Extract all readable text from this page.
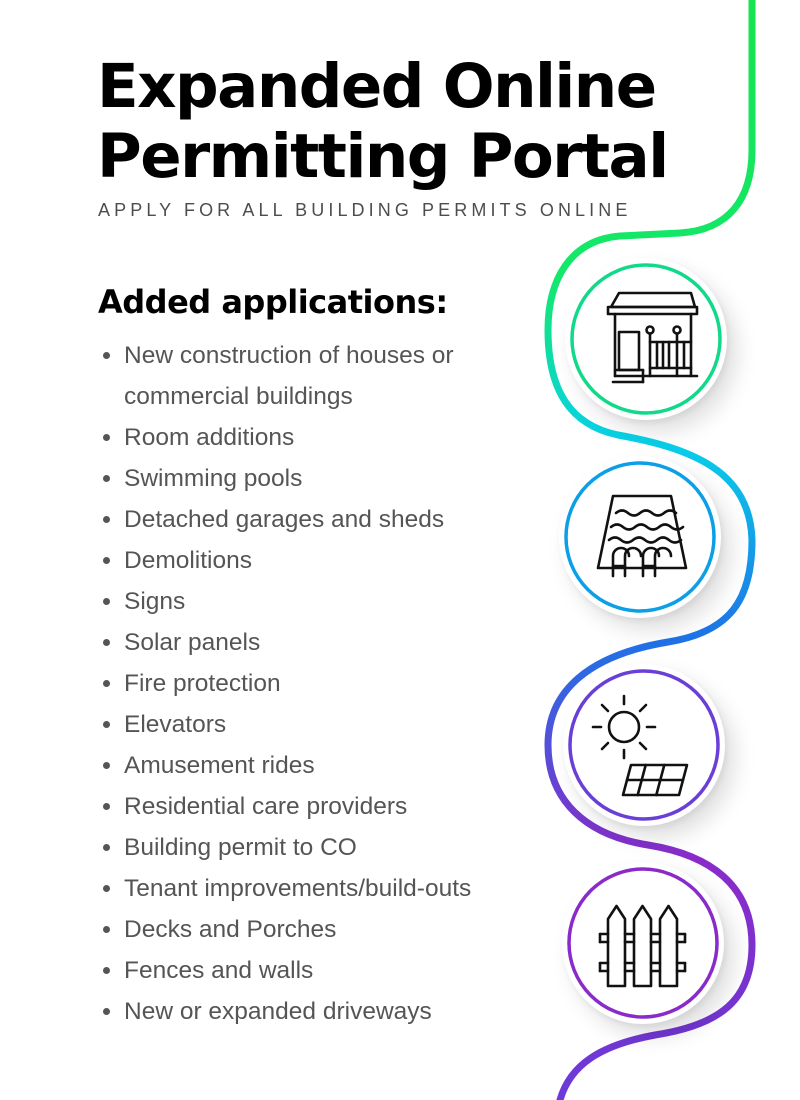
Expanded Online
Permitting Portal
APPLY FOR ALL BUILDING PERMITS ONLINE
Added applications:
New construction of houses or commercial buildings
Room additions
Swimming pools
Detached garages and sheds
Demolitions
Signs
Solar panels
Fire protection
Elevators
Amusement rides
Residential care providers
Building permit to CO
Tenant improvements/build-outs
Decks and Porches
Fences and walls
New or expanded driveways
